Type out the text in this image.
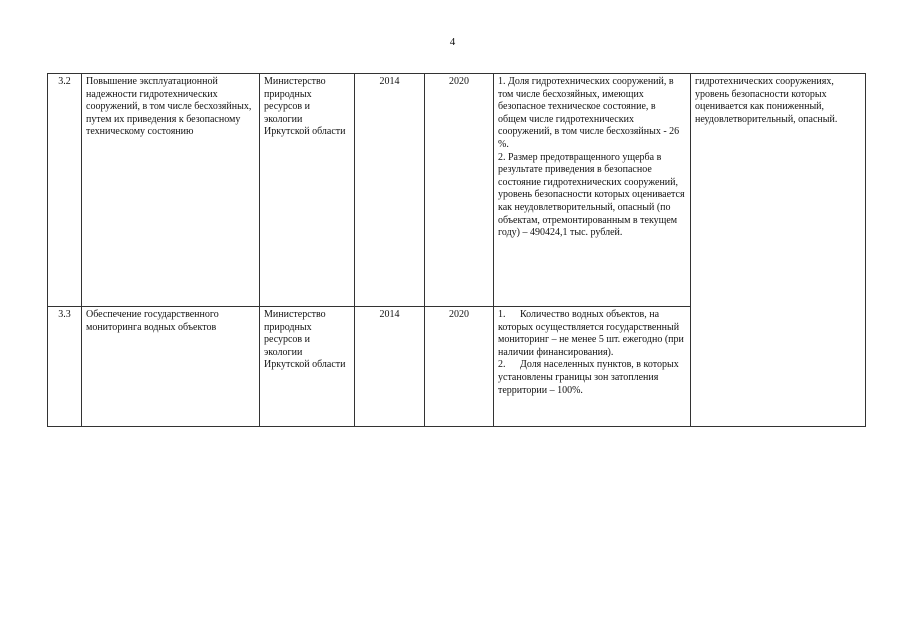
4
3.2	Повышение эксплуатационной надежности гидротехнических сооружений, в том числе бесхозяйных, путем их приведения к безопасному техническому состоянию	Министерство природных ресурсов и экологии Иркутской области	2014	2020	1. Доля гидротехнических сооружений, в том числе бесхозяйных, имеющих безопасное техническое состояние, в общем числе гидротехнических сооружений, в том числе бесхозяйных - 26 %.
2. Размер предотвращенного ущерба в результате приведения в безопасное состояние гидротехнических сооружений, уровень безопасности которых оценивается как неудовлетворительный, опасный (по объектам, отремонтированным в текущем году) – 490424,1 тыс. рублей.	гидротехнических сооружениях, уровень безопасности которых оценивается как пониженный, неудовлетворительный, опасный.
3.3	Обеспечение государственного мониторинга водных объектов	Министерство природных ресурсов и экологии Иркутской области	2014	2020	1. Количество водных объектов, на которых осуществляется государственный мониторинг – не менее 5 шт. ежегодно (при наличии финансирования).
2. Доля населенных пунктов, в которых установлены границы зон затопления территории – 100%.	
